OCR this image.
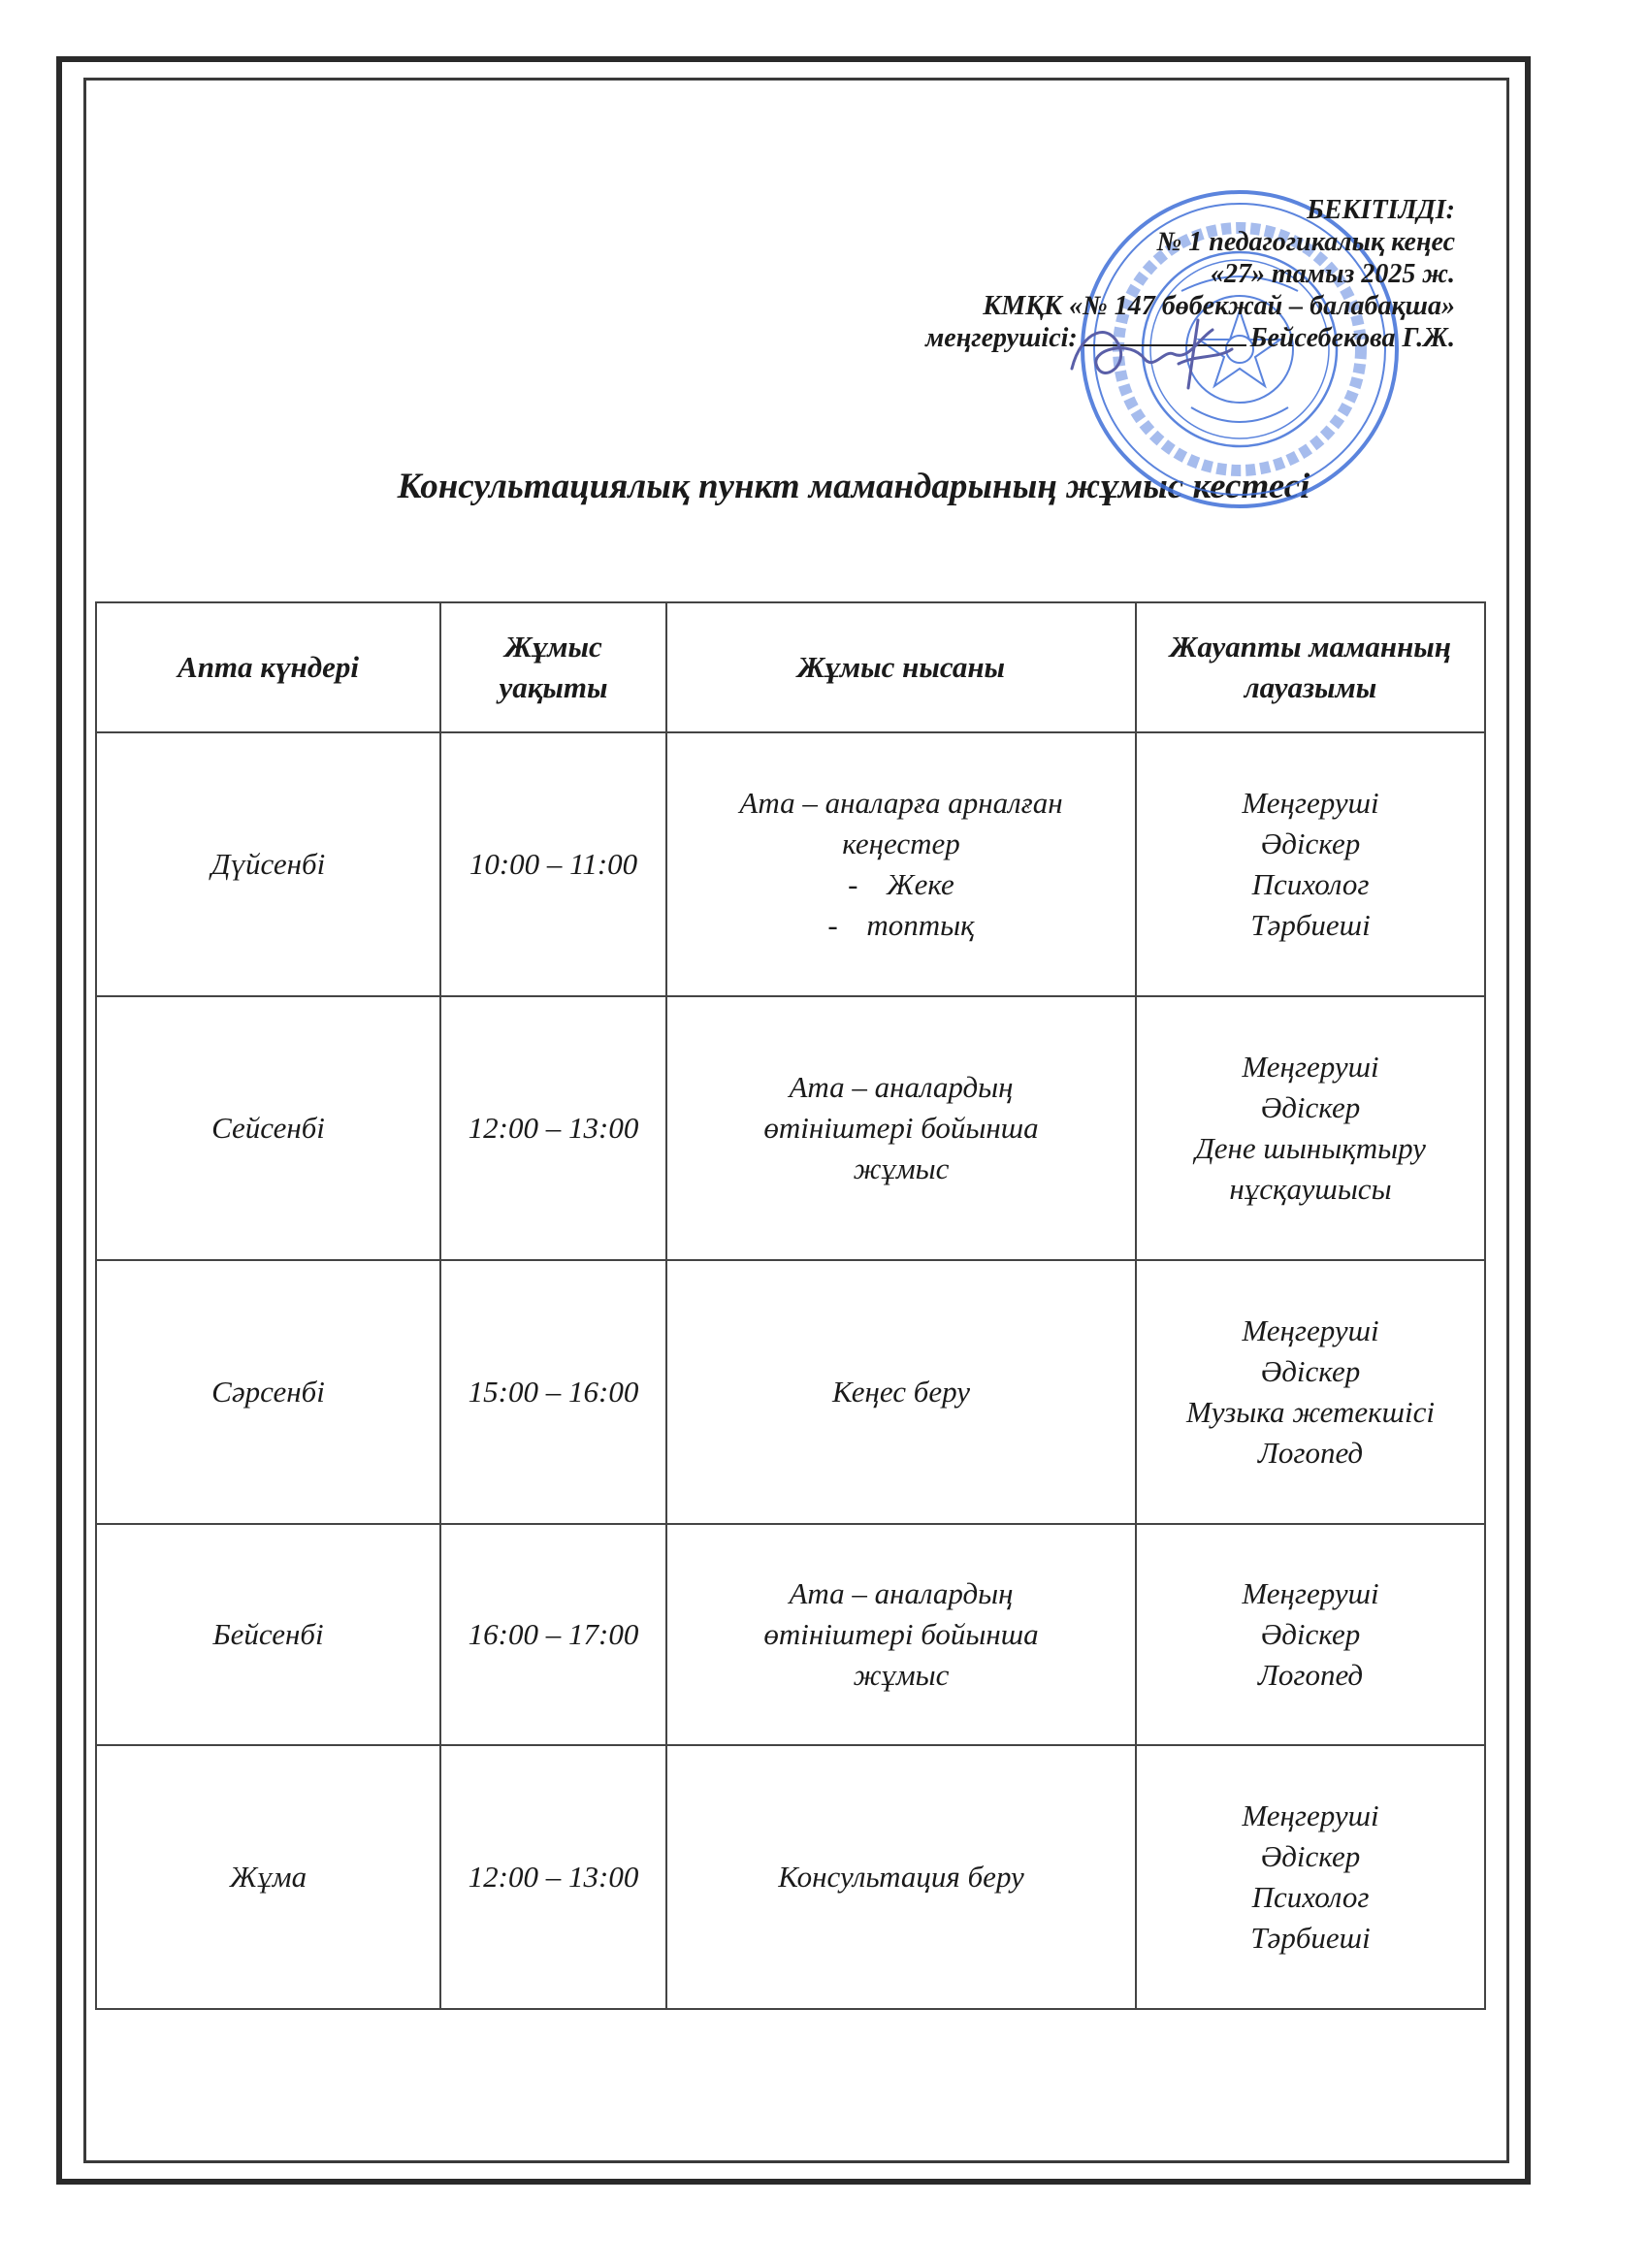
БЕКІТІЛДІ:
№ 1 педагогикалық кеңес
«27» тамыз 2025 ж.
КМҚК «№ 147 бөбекжай – балабақша»
меңгерушісі:	Бейсебекова Г.Ж.
Консультациялық пункт мамандарының жұмыс кестесі
Апта күндері	Жұмыс уақыты	Жұмыс нысаны	Жауапты маманның лауазымы
Дүйсенбі	10:00 – 11:00	Ата – аналарға арналған
кеңестер
- Жеке
- топтық	Меңгеруші
Әдіскер
Психолог
Тәрбиеші

Сейсенбі	12:00 – 13:00	Ата – аналардың
өтініштері бойынша
жұмыс	Меңгеруші
Әдіскер
Дене шынықтыру
нұсқаушысы

Сәрсенбі	15:00 – 16:00	Кеңес беру	Меңгеруші
Әдіскер
Музыка жетекшісі
Логопед

Бейсенбі	16:00 – 17:00	Ата – аналардың
өтініштері бойынша
жұмыс	Меңгеруші
Әдіскер
Логопед

Жұма	12:00 – 13:00	Консультация беру	Меңгеруші
Әдіскер
Психолог
Тәрбиеші
